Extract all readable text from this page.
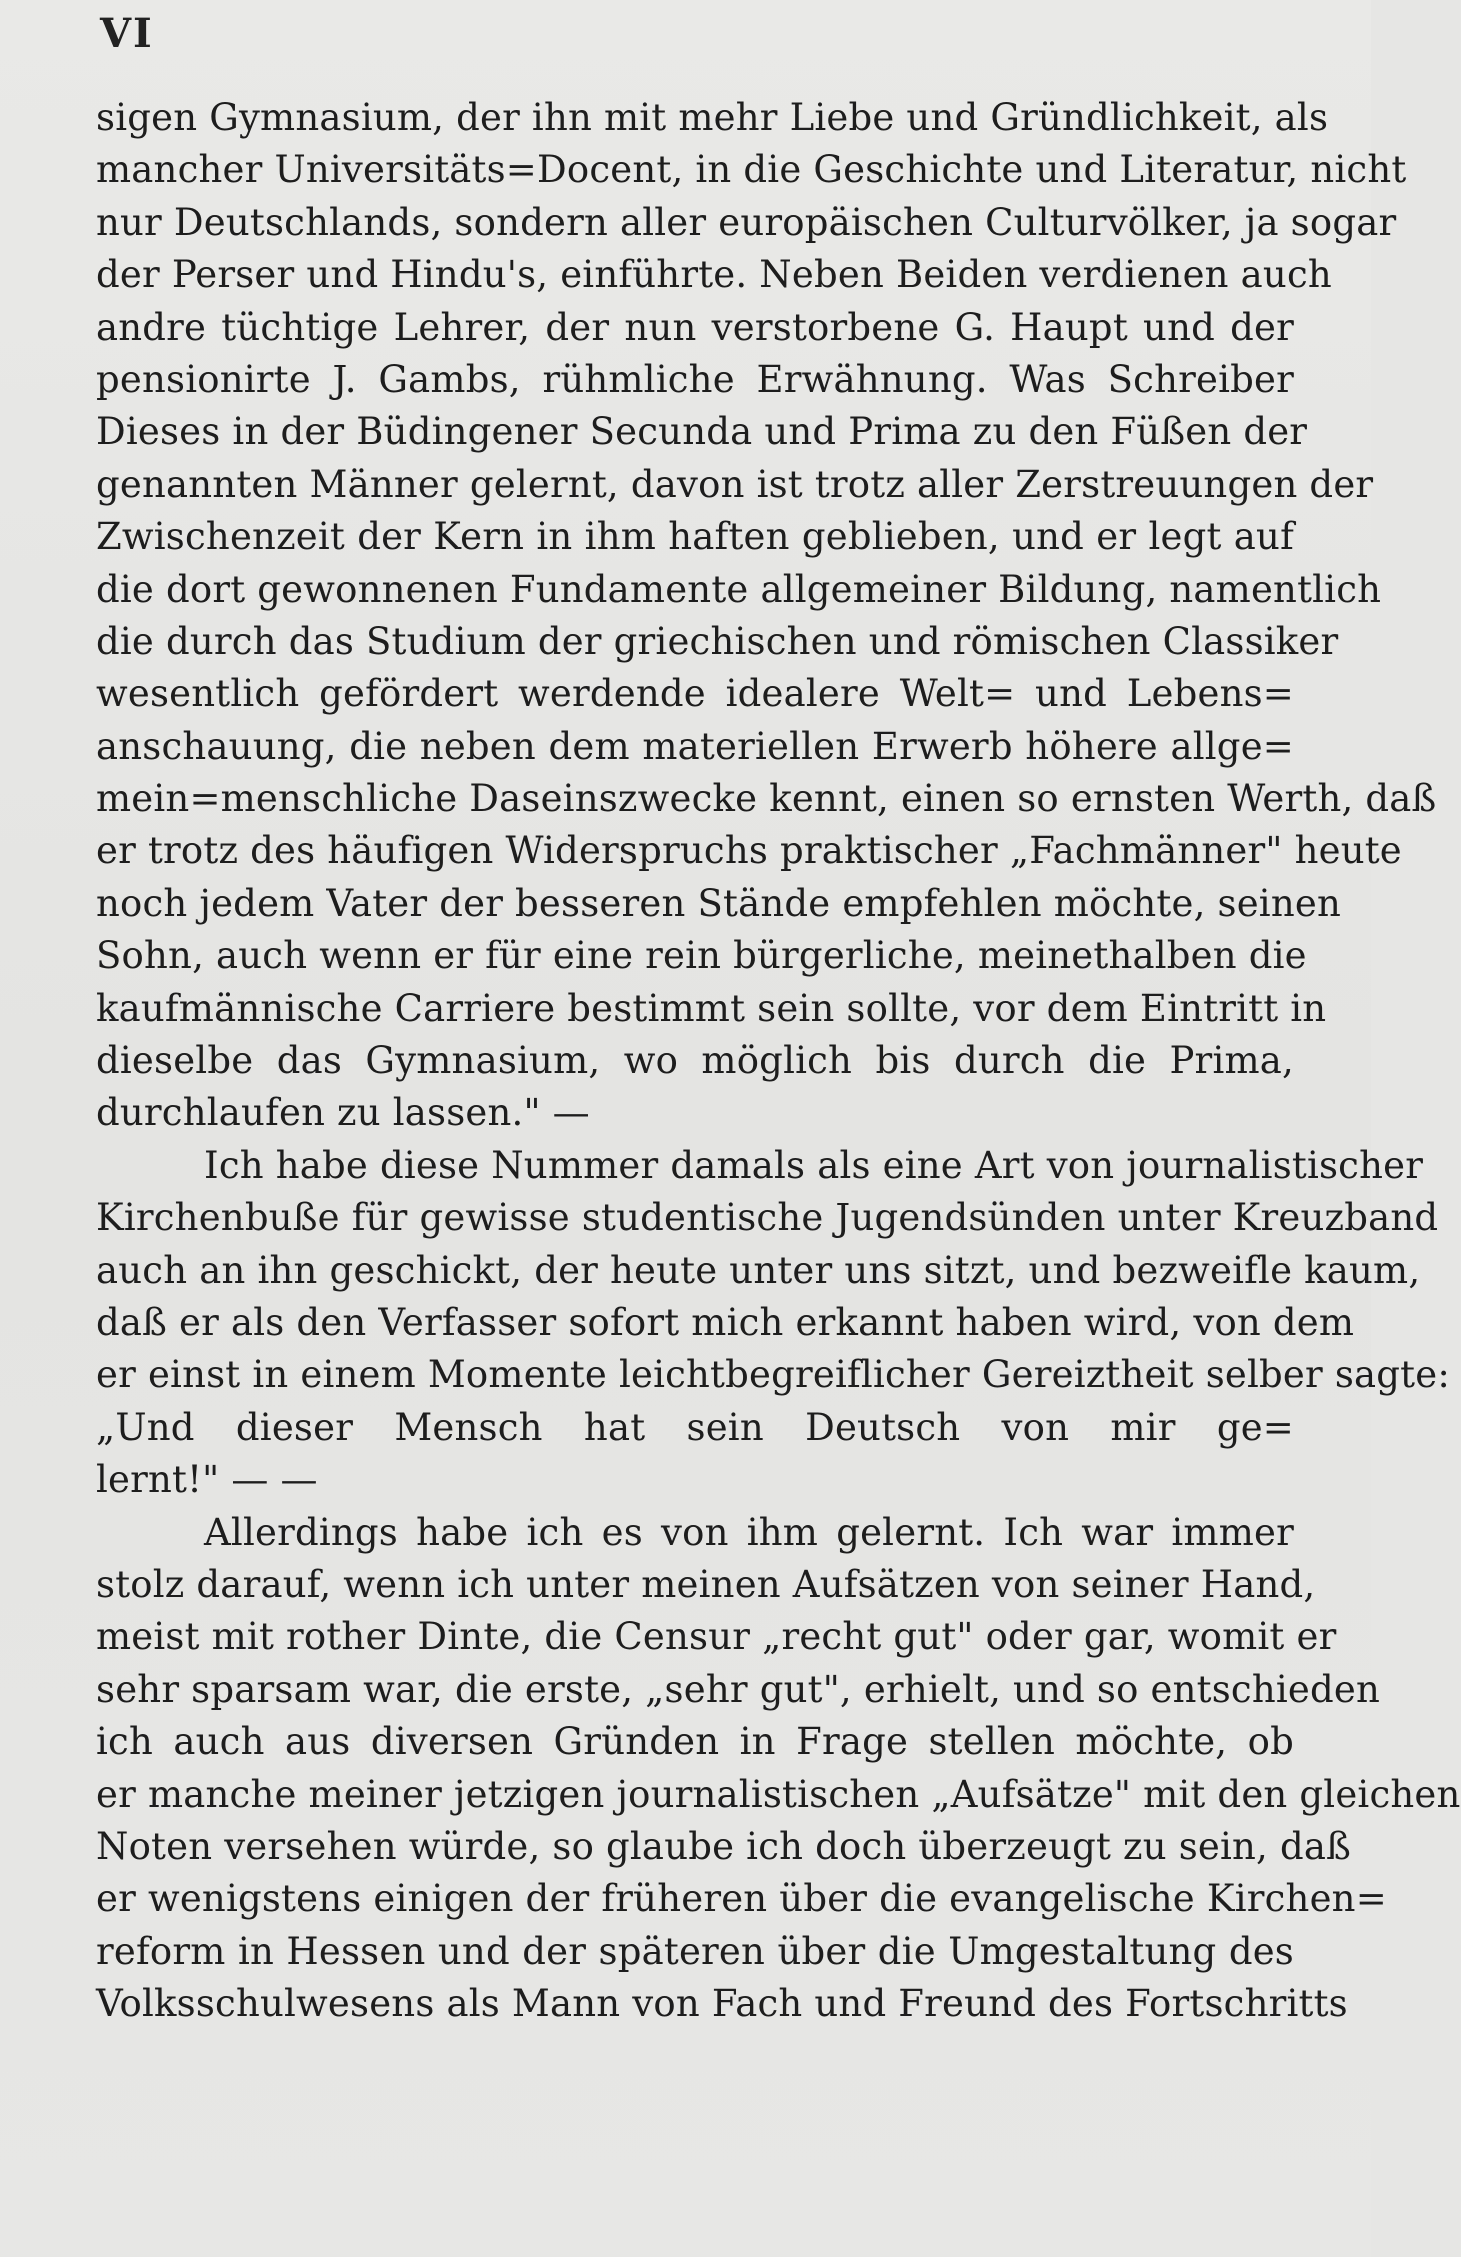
VI
sigen Gymnasium, der ihn mit mehr Liebe und Gründlichkeit, als
mancher Universitäts=Docent, in die Geschichte und Literatur, nicht
nur Deutschlands, sondern aller europäischen Culturvölker, ja sogar
der Perser und Hindu's, einführte. Neben Beiden verdienen auch
andre tüchtige Lehrer, der nun verstorbene G. Haupt und der
pensionirte J. Gambs, rühmliche Erwähnung. Was Schreiber
Dieses in der Büdingener Secunda und Prima zu den Füßen der
genannten Männer gelernt, davon ist trotz aller Zerstreuungen der
Zwischenzeit der Kern in ihm haften geblieben, und er legt auf
die dort gewonnenen Fundamente allgemeiner Bildung, namentlich
die durch das Studium der griechischen und römischen Classiker
wesentlich gefördert werdende idealere Welt= und Lebens=
anschauung, die neben dem materiellen Erwerb höhere allge=
mein=menschliche Daseinszwecke kennt, einen so ernsten Werth, daß
er trotz des häufigen Widerspruchs praktischer „Fachmänner" heute
noch jedem Vater der besseren Stände empfehlen möchte, seinen
Sohn, auch wenn er für eine rein bürgerliche, meinethalben die
kaufmännische Carriere bestimmt sein sollte, vor dem Eintritt in
dieselbe das Gymnasium, wo möglich bis durch die Prima,
durchlaufen zu lassen." —
Ich habe diese Nummer damals als eine Art von journalistischer
Kirchenbuße für gewisse studentische Jugendsünden unter Kreuzband
auch an ihn geschickt, der heute unter uns sitzt, und bezweifle kaum,
daß er als den Verfasser sofort mich erkannt haben wird, von dem
er einst in einem Momente leichtbegreiflicher Gereiztheit selber sagte:
„Und dieser Mensch hat sein Deutsch von mir ge=
lernt!" — —
Allerdings habe ich es von ihm gelernt. Ich war immer
stolz darauf, wenn ich unter meinen Aufsätzen von seiner Hand,
meist mit rother Dinte, die Censur „recht gut" oder gar, womit er
sehr sparsam war, die erste, „sehr gut", erhielt, und so entschieden
ich auch aus diversen Gründen in Frage stellen möchte, ob
er manche meiner jetzigen journalistischen „Aufsätze" mit den gleichen
Noten versehen würde, so glaube ich doch überzeugt zu sein, daß
er wenigstens einigen der früheren über die evangelische Kirchen=
reform in Hessen und der späteren über die Umgestaltung des
Volksschulwesens als Mann von Fach und Freund des Fortschritts
